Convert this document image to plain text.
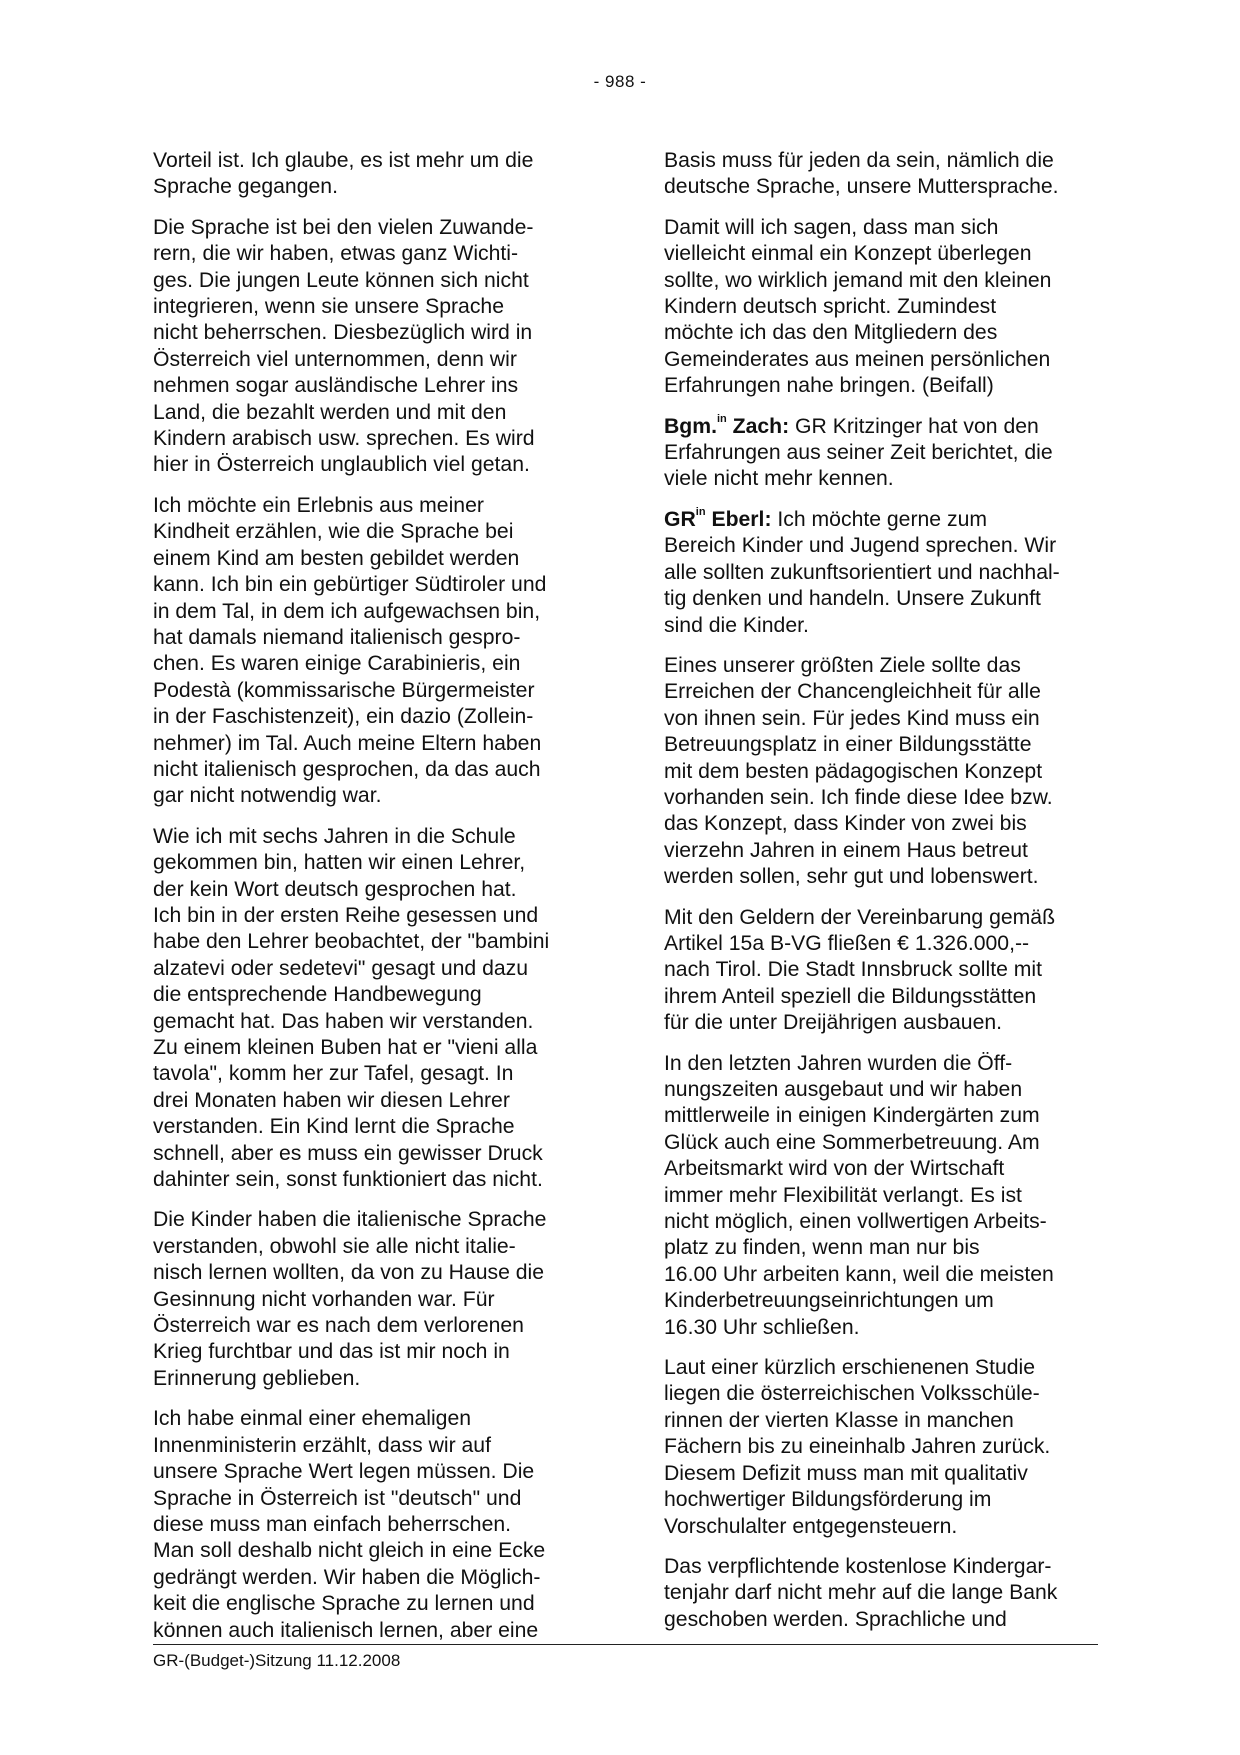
- 988 -

Vorteil ist. Ich glaube, es ist mehr um die
Sprache gegangen.

Die Sprache ist bei den vielen Zuwande-
rern, die wir haben, etwas ganz Wichti-
ges. Die jungen Leute können sich nicht
integrieren, wenn sie unsere Sprache
nicht beherrschen. Diesbezüglich wird in
Österreich viel unternommen, denn wir
nehmen sogar ausländische Lehrer ins
Land, die bezahlt werden und mit den
Kindern arabisch usw. sprechen. Es wird
hier in Österreich unglaublich viel getan.

Ich möchte ein Erlebnis aus meiner
Kindheit erzählen, wie die Sprache bei
einem Kind am besten gebildet werden
kann. Ich bin ein gebürtiger Südtiroler und
in dem Tal, in dem ich aufgewachsen bin,
hat damals niemand italienisch gespro-
chen. Es waren einige Carabinieris, ein
Podestà (kommissarische Bürgermeister
in der Faschistenzeit), ein dazio (Zollein-
nehmer) im Tal. Auch meine Eltern haben
nicht italienisch gesprochen, da das auch
gar nicht notwendig war.

Wie ich mit sechs Jahren in die Schule
gekommen bin, hatten wir einen Lehrer,
der kein Wort deutsch gesprochen hat.
Ich bin in der ersten Reihe gesessen und
habe den Lehrer beobachtet, der "bambini
alzatevi oder sedetevi" gesagt und dazu
die entsprechende Handbewegung
gemacht hat. Das haben wir verstanden.
Zu einem kleinen Buben hat er "vieni alla
tavola", komm her zur Tafel, gesagt. In
drei Monaten haben wir diesen Lehrer
verstanden. Ein Kind lernt die Sprache
schnell, aber es muss ein gewisser Druck
dahinter sein, sonst funktioniert das nicht.

Die Kinder haben die italienische Sprache
verstanden, obwohl sie alle nicht italie-
nisch lernen wollten, da von zu Hause die
Gesinnung nicht vorhanden war. Für
Österreich war es nach dem verlorenen
Krieg furchtbar und das ist mir noch in
Erinnerung geblieben.

Ich habe einmal einer ehemaligen
Innenministerin erzählt, dass wir auf
unsere Sprache Wert legen müssen. Die
Sprache in Österreich ist "deutsch" und
diese muss man einfach beherrschen.
Man soll deshalb nicht gleich in eine Ecke
gedrängt werden. Wir haben die Möglich-
keit die englische Sprache zu lernen und
können auch italienisch lernen, aber eine

Basis muss für jeden da sein, nämlich die
deutsche Sprache, unsere Muttersprache.

Damit will ich sagen, dass man sich
vielleicht einmal ein Konzept überlegen
sollte, wo wirklich jemand mit den kleinen
Kindern deutsch spricht. Zumindest
möchte ich das den Mitgliedern des
Gemeinderates aus meinen persönlichen
Erfahrungen nahe bringen. (Beifall)

Bgm.$^{in}$ Zach: GR Kritzinger hat von den
Erfahrungen aus seiner Zeit berichtet, die
viele nicht mehr kennen.

$GR^{in}$ Eberl: Ich möchte gerne zum
Bereich Kinder und Jugend sprechen. Wir
alle sollten zukunftsorientiert und nachhal-
tig denken und handeln. Unsere Zukunft
sind die Kinder.

Eines unserer größten Ziele sollte das
Erreichen der Chancengleichheit für alle
von ihnen sein. Für jedes Kind muss ein
Betreuungsplatz in einer Bildungsstätte
mit dem besten pädagogischen Konzept
vorhanden sein. Ich finde diese Idee bzw.
das Konzept, dass Kinder von zwei bis
vierzehn Jahren in einem Haus betreut
werden sollen, sehr gut und lobenswert.

Mit den Geldern der Vereinbarung gemäß
Artikel 15a B-VG fließen € 1.326.000,--
nach Tirol. Die Stadt Innsbruck sollte mit
ihrem Anteil speziell die Bildungsstätten
für die unter Dreijährigen ausbauen.

In den letzten Jahren wurden die Öff-
nungszeiten ausgebaut und wir haben
mittlerweile in einigen Kindergärten zum
Glück auch eine Sommerbetreuung. Am
Arbeitsmarkt wird von der Wirtschaft
immer mehr Flexibilität verlangt. Es ist
nicht möglich, einen vollwertigen Arbeits-
platz zu finden, wenn man nur bis
16.00 Uhr arbeiten kann, weil die meisten
Kinderbetreuungseinrichtungen um
16.30 Uhr schließen.

Laut einer kürzlich erschienenen Studie
liegen die österreichischen Volksschüle-
rinnen der vierten Klasse in manchen
Fächern bis zu eineinhalb Jahren zurück.
Diesem Defizit muss man mit qualitativ
hochwertiger Bildungsförderung im
Vorschulalter entgegensteuern.

Das verpflichtende kostenlose Kindergar-
tenjahr darf nicht mehr auf die lange Bank
geschoben werden. Sprachliche und

GR-(Budget-)Sitzung 11.12.2008
